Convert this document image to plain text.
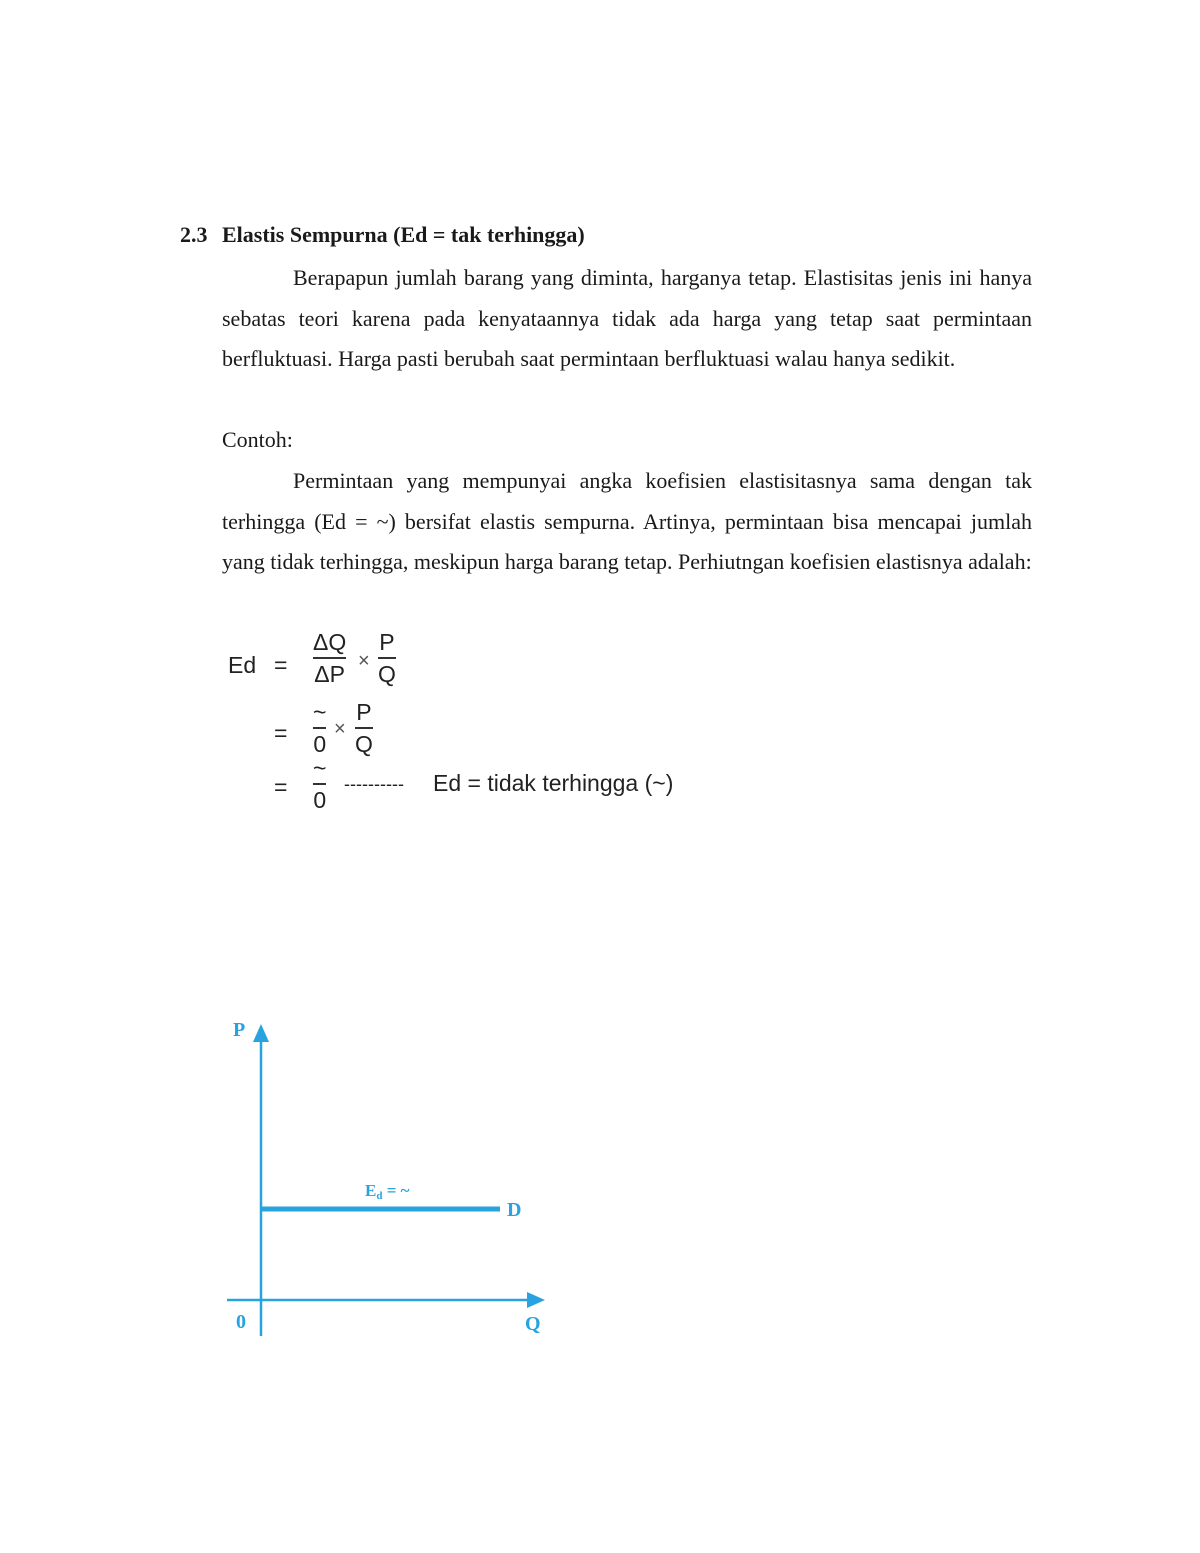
2.3 Elastis Sempurna (Ed = tak terhingga)

Berapapun jumlah barang yang diminta, harganya tetap. Elastisitas jenis ini hanya sebatas teori karena pada kenyataannya tidak ada harga yang tetap saat permintaan berfluktuasi. Harga pasti berubah saat permintaan berfluktuasi walau hanya sedikit.

Contoh:

Permintaan yang mempunyai angka koefisien elastisitasnya sama dengan tak terhingga (Ed = ~) bersifat elastis sempurna. Artinya, permintaan bisa mencapai jumlah yang tidak terhingga, meskipun harga barang tetap. Perhiutngan koefisien elastisnya adalah:

Ed =
ΔQ
ΔP ×
P
Q
=
~
0
×
P
Q
=
~
0
---------- Ed = tidak terhingga (~)
P
0	Q
D
Ed = ~
